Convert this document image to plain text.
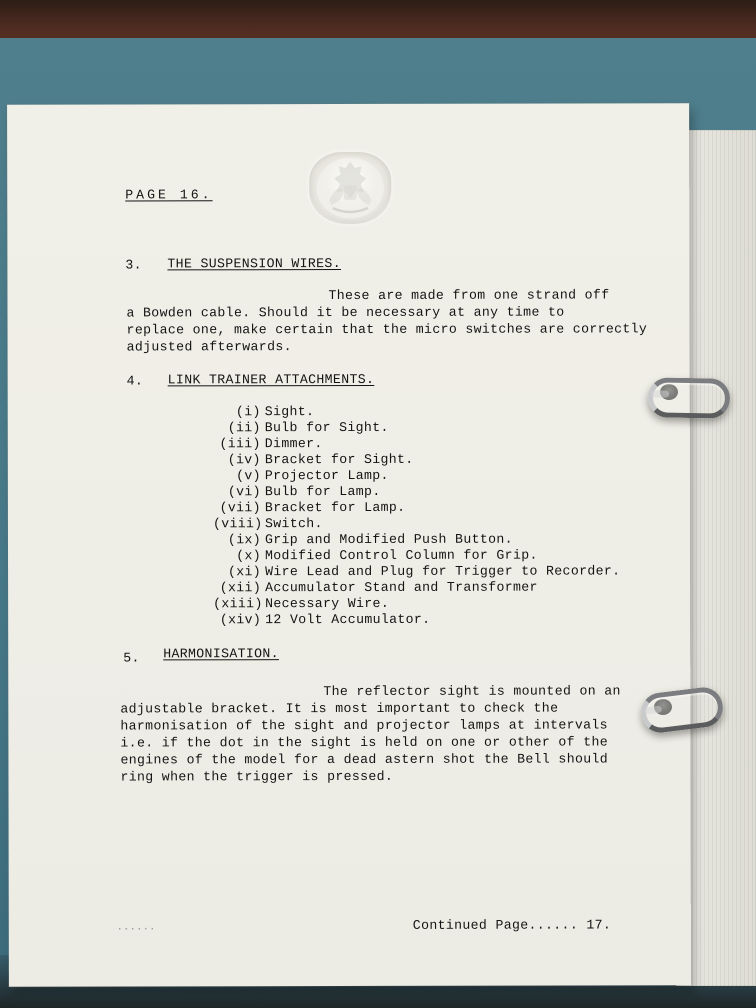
PAGE 16.
3. THE SUSPENSION WIRES.
These are made from one strand off
a Bowden cable. Should it be necessary at any time to
replace one, make certain that the micro switches are correctly
adjusted afterwards.
4. LINK TRAINER ATTACHMENTS.
(i) Sight.
(ii) Bulb for Sight.
(iii) Dimmer.
(iv) Bracket for Sight.
(v) Projector Lamp.
(vi) Bulb for Lamp.
(vii) Bracket for Lamp.
(viii) Switch.
(ix) Grip and Modified Push Button.
(x) Modified Control Column for Grip.
(xi) Wire Lead and Plug for Trigger to Recorder.
(xii) Accumulator Stand and Transformer
(xiii) Necessary Wire.
(xiv) 12 Volt Accumulator.
5. HARMONISATION.
The reflector sight is mounted on an
adjustable bracket. It is most important to check the
harmonisation of the sight and projector lamps at intervals
i.e. if the dot in the sight is held on one or other of the
engines of the model for a dead astern shot the Bell should
ring when the trigger is pressed.
......	Continued Page...... 17.
